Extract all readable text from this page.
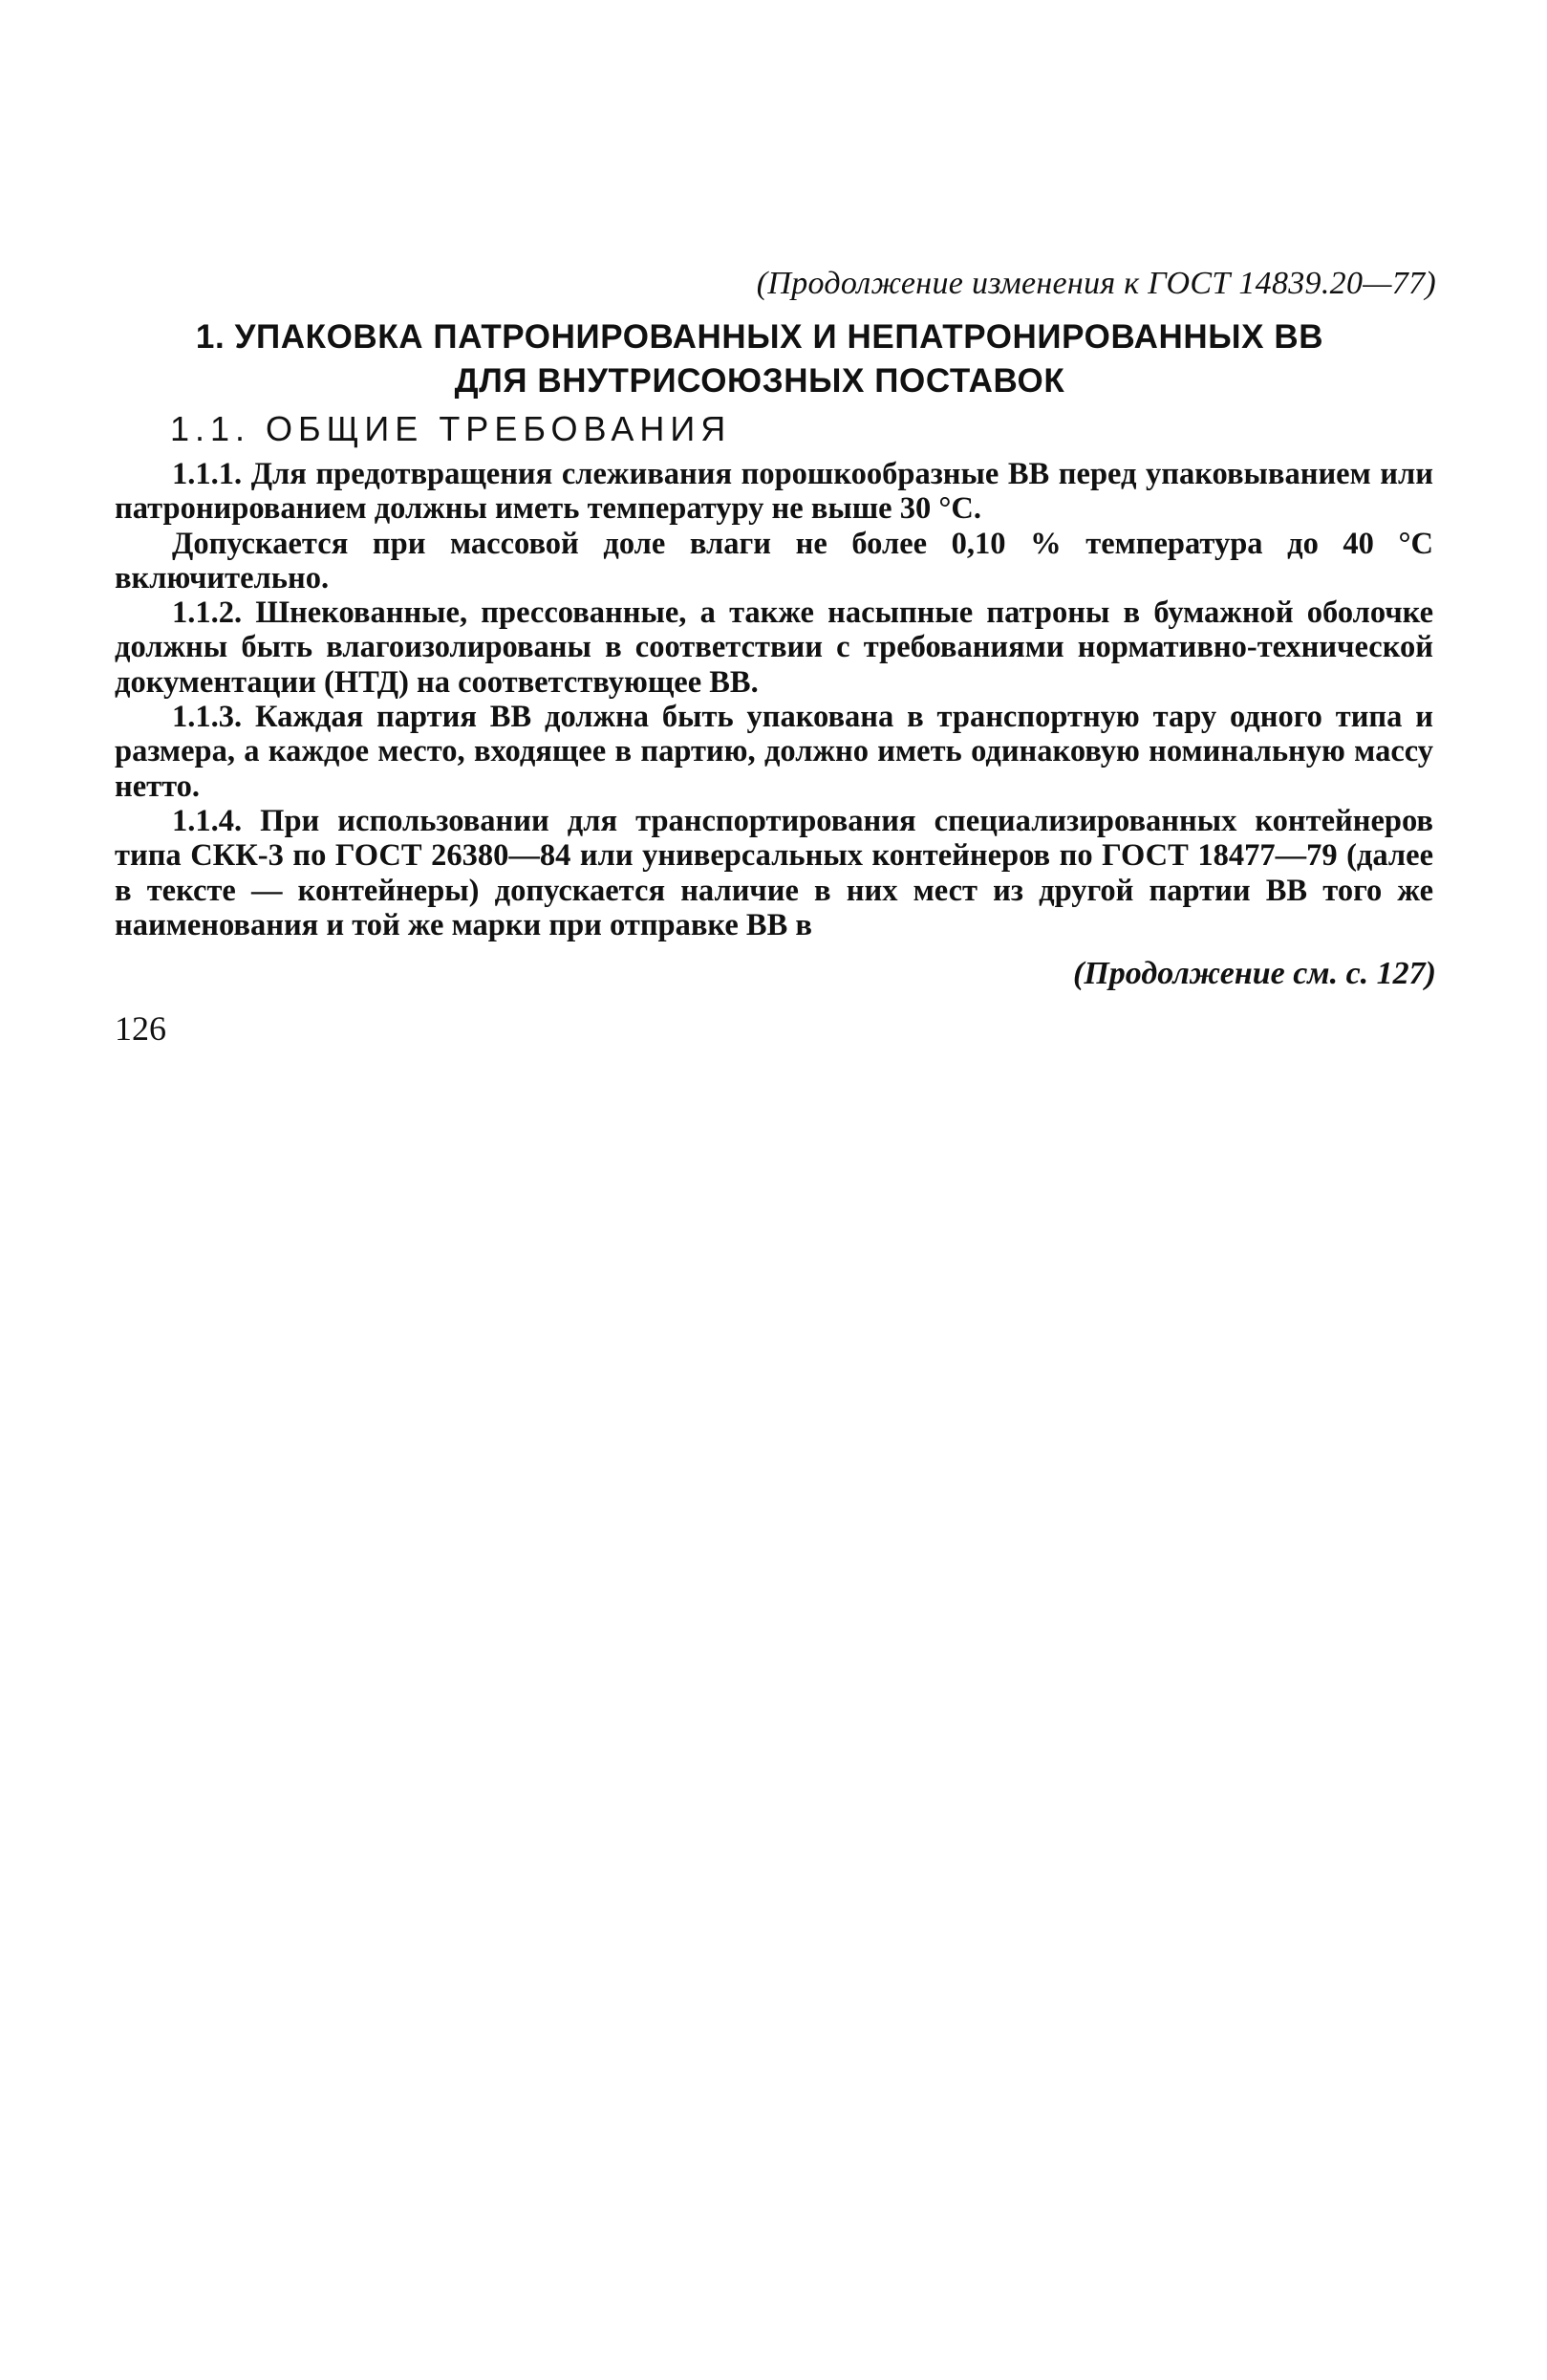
(Продолжение изменения к ГОСТ 14839.20—77)
1. УПАКОВКА ПАТРОНИРОВАННЫХ И НЕПАТРОНИРОВАННЫХ ВВ
ДЛЯ ВНУТРИСОЮЗНЫХ ПОСТАВОК
1.1. ОБЩИЕ ТРЕБОВАНИЯ

1.1.1. Для предотвращения слеживания порошкообразные ВВ перед упаковыванием или патронированием должны иметь температуру не выше 30 °С.

Допускается при массовой доле влаги не более 0,10 % температура до 40 °С включительно.

1.1.2. Шнекованные, прессованные, а также насыпные патроны в бумажной оболочке должны быть влагоизолированы в соответствии с требованиями нормативно-технической документации (НТД) на соответствующее ВВ.

1.1.3. Каждая партия ВВ должна быть упакована в транспортную тару одного типа и размера, а каждое место, входящее в партию, должно иметь одинаковую номинальную массу нетто.

1.1.4. При использовании для транспортирования специализированных контейнеров типа СКК-3 по ГОСТ 26380—84 или универсальных контейнеров по ГОСТ 18477—79 (далее в тексте — контейнеры) допускается наличие в них мест из другой партии ВВ того же наименования и той же марки при отправке ВВ в

(Продолжение см. с. 127)
126
